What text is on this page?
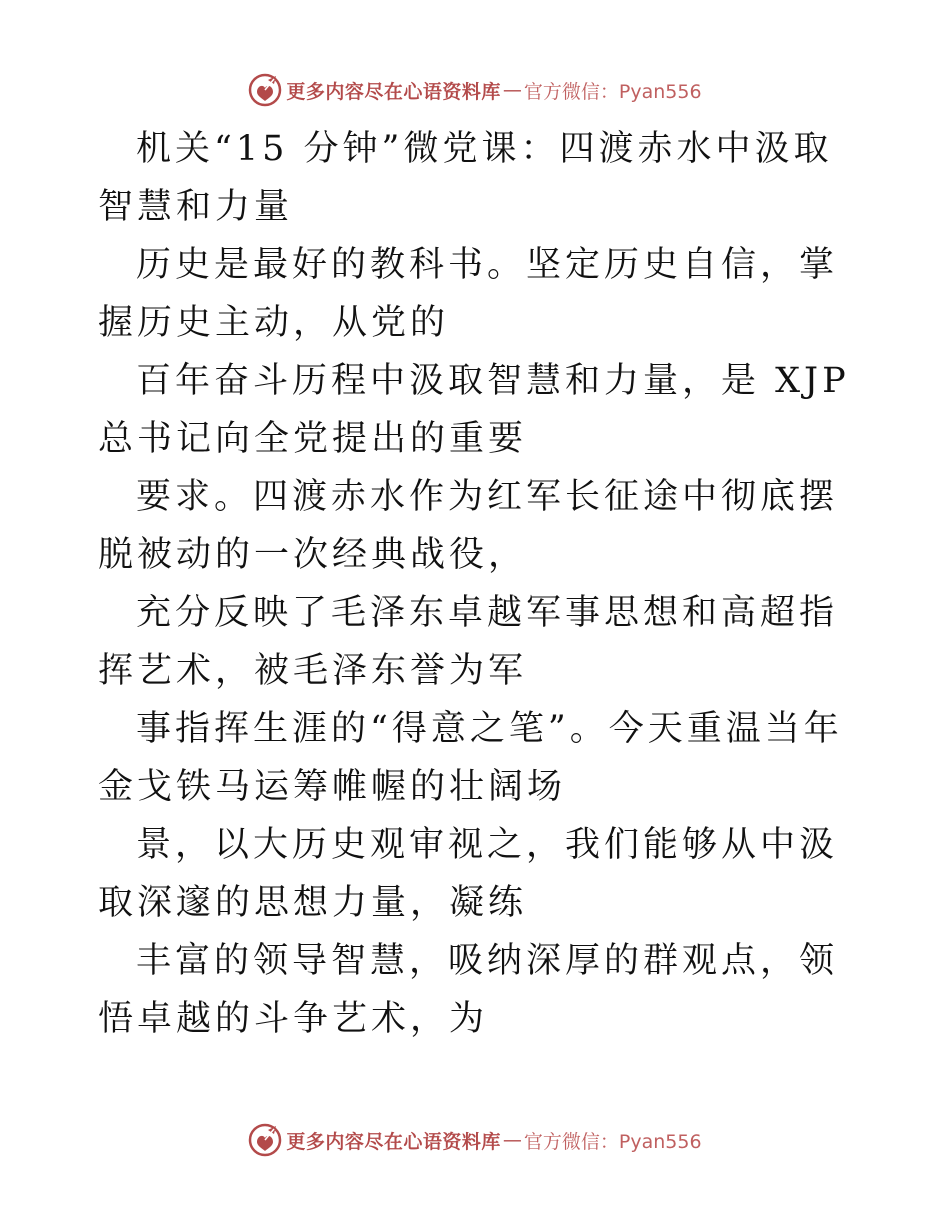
更多内容尽在心语资料库 — 官方微信：Pyan556

机关“15 分钟”微党课：四渡赤水中汲取智慧和力量

历史是最好的教科书。坚定历史自信，掌握历史主动，从党的

百年奋斗历程中汲取智慧和力量，是 XJP 总书记向全党提出的重要

要求。四渡赤水作为红军长征途中彻底摆脱被动的一次经典战役，

充分反映了毛泽东卓越军事思想和高超指挥艺术，被毛泽东誉为军

事指挥生涯的“得意之笔”。今天重温当年金戈铁马运筹帷幄的壮阔场

景，以大历史观审视之，我们能够从中汲取深邃的思想力量，凝练

丰富的领导智慧，吸纳深厚的群观点，领悟卓越的斗争艺术，为

更多内容尽在心语资料库 — 官方微信：Pyan556
